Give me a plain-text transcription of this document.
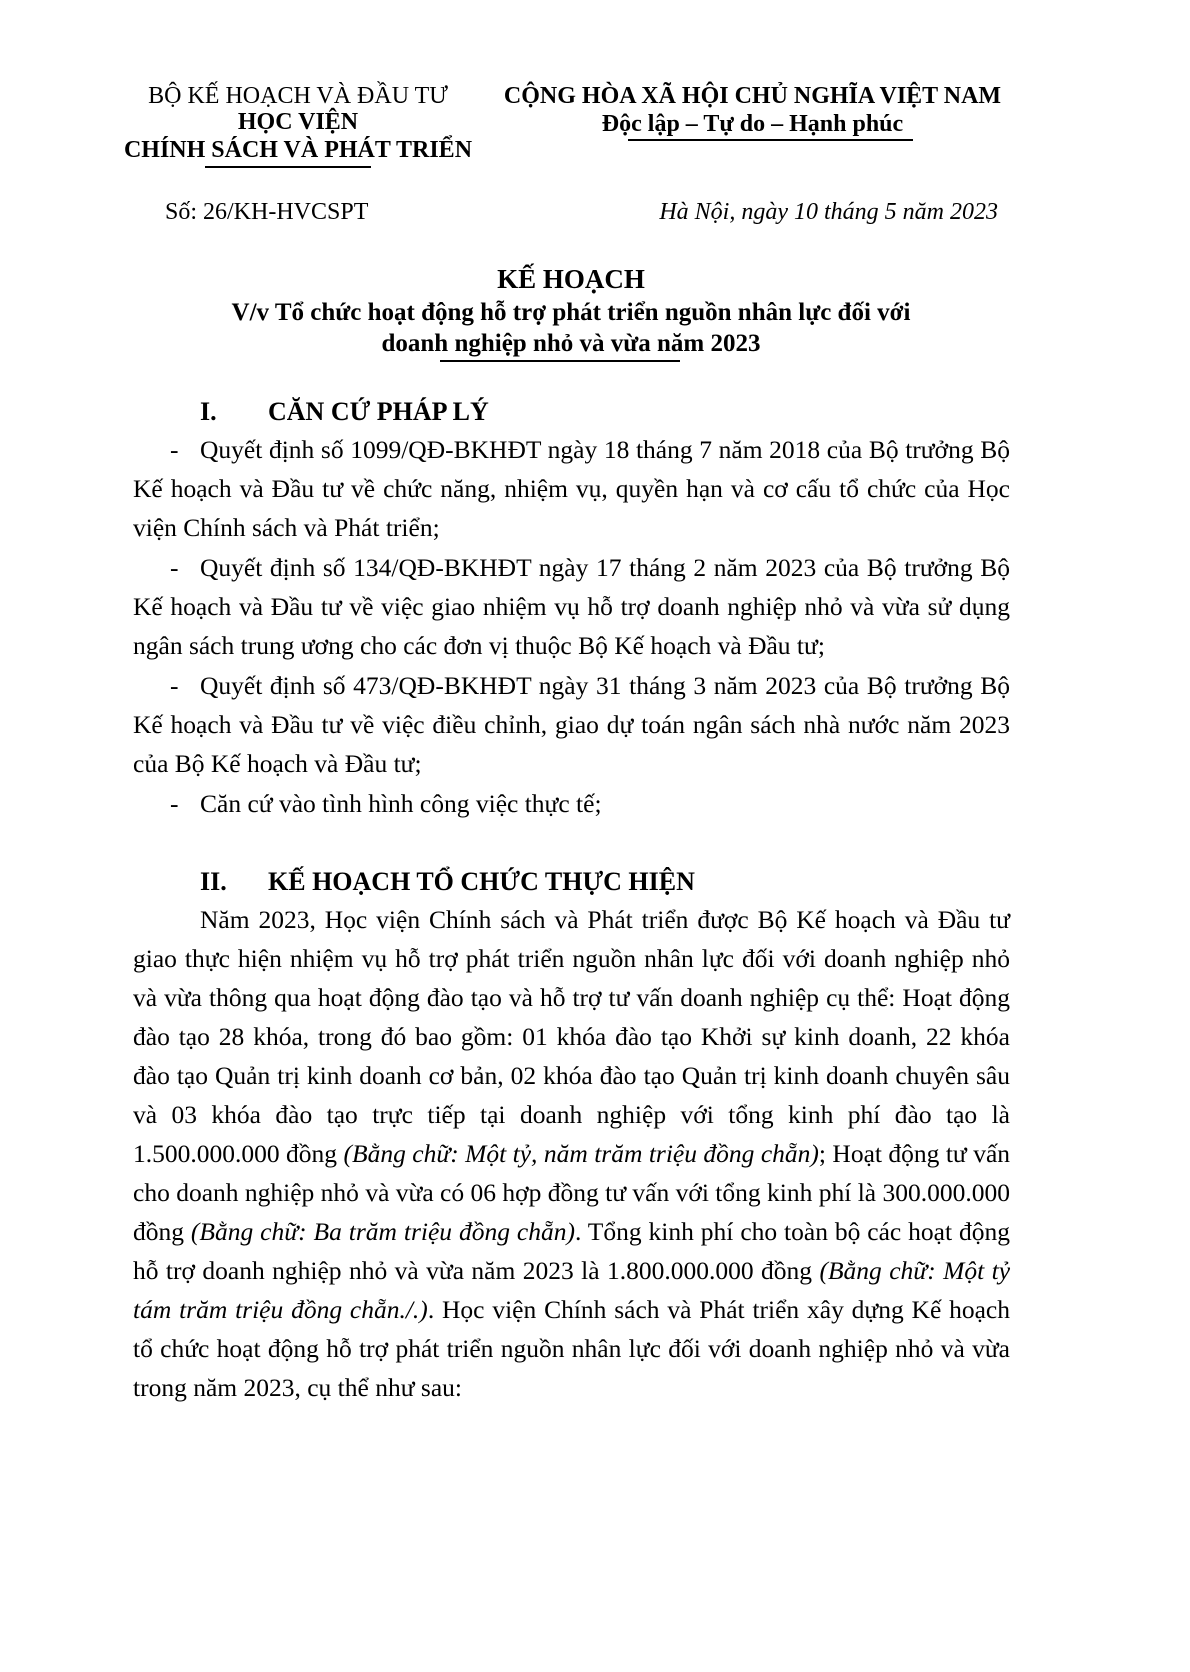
BỘ KẾ HOẠCH VÀ ĐẦU TƯ
HỌC VIỆN
CHÍNH SÁCH VÀ PHÁT TRIỂN
CỘNG HÒA XÃ HỘI CHỦ NGHĨA VIỆT NAM
Độc lập – Tự do – Hạnh phúc
Số: 26/KH-HVCSPT	Hà Nội, ngày 10 tháng 5 năm 2023
KẾ HOẠCH
V/v Tổ chức hoạt động hỗ trợ phát triển nguồn nhân lực đối với
doanh nghiệp nhỏ và vừa năm 2023

I. CĂN CỨ PHÁP LÝ

- Quyết định số 1099/QĐ-BKHĐT ngày 18 tháng 7 năm 2018 của Bộ trưởng Bộ Kế hoạch và Đầu tư về chức năng, nhiệm vụ, quyền hạn và cơ cấu tổ chức của Học viện Chính sách và Phát triển;

- Quyết định số 134/QĐ-BKHĐT ngày 17 tháng 2 năm 2023 của Bộ trưởng Bộ Kế hoạch và Đầu tư về việc giao nhiệm vụ hỗ trợ doanh nghiệp nhỏ và vừa sử dụng ngân sách trung ương cho các đơn vị thuộc Bộ Kế hoạch và Đầu tư;

- Quyết định số 473/QĐ-BKHĐT ngày 31 tháng 3 năm 2023 của Bộ trưởng Bộ Kế hoạch và Đầu tư về việc điều chỉnh, giao dự toán ngân sách nhà nước năm 2023 của Bộ Kế hoạch và Đầu tư;

- Căn cứ vào tình hình công việc thực tế;

II. KẾ HOẠCH TỔ CHỨC THỰC HIỆN

Năm 2023, Học viện Chính sách và Phát triển được Bộ Kế hoạch và Đầu tư giao thực hiện nhiệm vụ hỗ trợ phát triển nguồn nhân lực đối với doanh nghiệp nhỏ và vừa thông qua hoạt động đào tạo và hỗ trợ tư vấn doanh nghiệp cụ thể: Hoạt động đào tạo 28 khóa, trong đó bao gồm: 01 khóa đào tạo Khởi sự kinh doanh, 22 khóa đào tạo Quản trị kinh doanh cơ bản, 02 khóa đào tạo Quản trị kinh doanh chuyên sâu và 03 khóa đào tạo trực tiếp tại doanh nghiệp với tổng kinh phí đào tạo là 1.500.000.000 đồng (Bằng chữ: Một tỷ, năm trăm triệu đồng chẵn); Hoạt động tư vấn cho doanh nghiệp nhỏ và vừa có 06 hợp đồng tư vấn với tổng kinh phí là 300.000.000 đồng (Bằng chữ: Ba trăm triệu đồng chẵn). Tổng kinh phí cho toàn bộ các hoạt động hỗ trợ doanh nghiệp nhỏ và vừa năm 2023 là 1.800.000.000 đồng (Bằng chữ: Một tỷ tám trăm triệu đồng chẵn./.). Học viện Chính sách và Phát triển xây dựng Kế hoạch tổ chức hoạt động hỗ trợ phát triển nguồn nhân lực đối với doanh nghiệp nhỏ và vừa trong năm 2023, cụ thể như sau:
